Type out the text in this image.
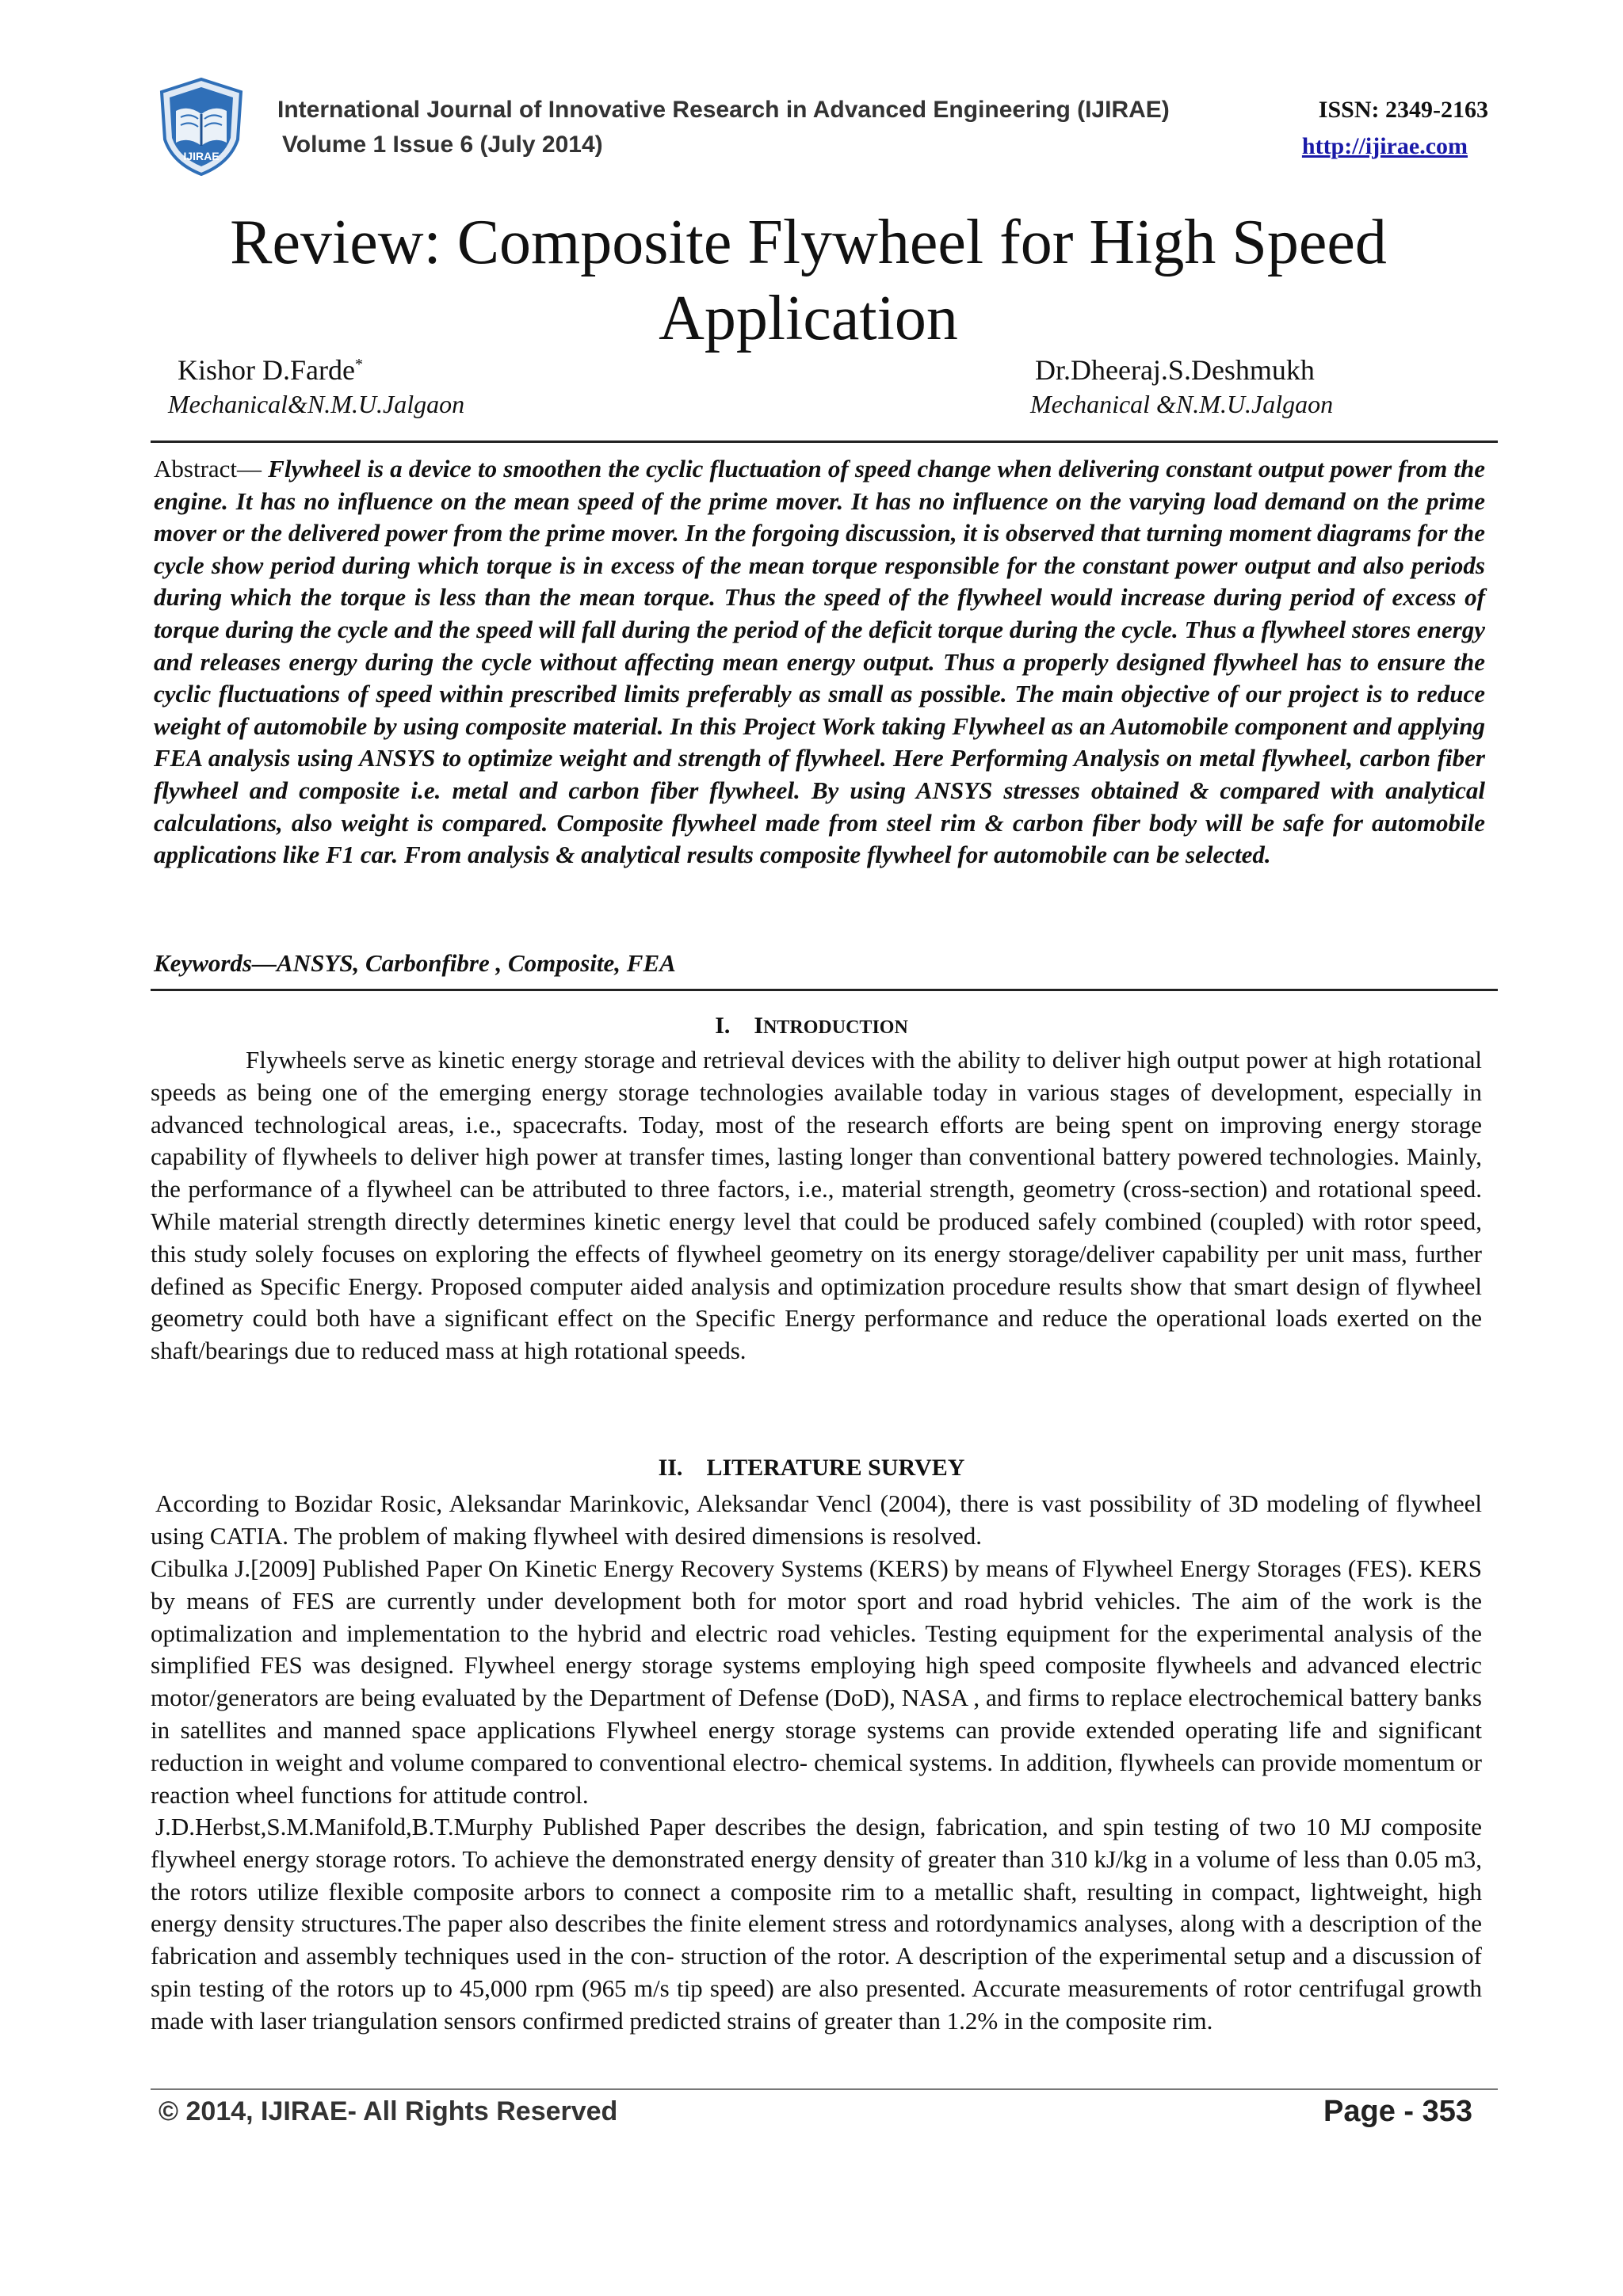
IJIRAE
International Journal of Innovative Research in Advanced Engineering (IJIRAE)
Volume 1 Issue 6 (July 2014)
ISSN: 2349-2163
http://ijirae.com
Review: Composite Flywheel for High Speed Application
Kishor D.Farde*
Mechanical&N.M.U.Jalgaon
Dr.Dheeraj.S.Deshmukh
Mechanical &N.M.U.Jalgaon
Abstract— Flywheel is a device to smoothen the cyclic fluctuation of speed change when delivering constant output power from the engine. It has no influence on the mean speed of the prime mover. It has no influence on the varying load demand on the prime mover or the delivered power from the prime mover. In the forgoing discussion, it is observed that turning moment diagrams for the cycle show period during which torque is in excess of the mean torque responsible for the constant power output and also periods during which the torque is less than the mean torque. Thus the speed of the flywheel would increase during period of excess of torque during the cycle and the speed will fall during the period of the deficit torque during the cycle. Thus a flywheel stores energy and releases energy during the cycle without affecting mean energy output. Thus a properly designed flywheel has to ensure the cyclic fluctuations of speed within prescribed limits preferably as small as possible. The main objective of our project is to reduce weight of automobile by using composite material. In this Project Work taking Flywheel as an Automobile component and applying FEA analysis using ANSYS to optimize weight and strength of flywheel. Here Performing Analysis on metal flywheel, carbon fiber flywheel and composite i.e. metal and carbon fiber flywheel. By using ANSYS stresses obtained & compared with analytical calculations, also weight is compared. Composite flywheel made from steel rim & carbon fiber body will be safe for automobile applications like F1 car. From analysis & analytical results composite flywheel for automobile can be selected.
Keywords—ANSYS, Carbonfibre , Composite, FEA
I. INTRODUCTION
Flywheels serve as kinetic energy storage and retrieval devices with the ability to deliver high output power at high rotational speeds as being one of the emerging energy storage technologies available today in various stages of development, especially in advanced technological areas, i.e., spacecrafts. Today, most of the research efforts are being spent on improving energy storage capability of flywheels to deliver high power at transfer times, lasting longer than conventional battery powered technologies. Mainly, the performance of a flywheel can be attributed to three factors, i.e., material strength, geometry (cross-section) and rotational speed. While material strength directly determines kinetic energy level that could be produced safely combined (coupled) with rotor speed, this study solely focuses on exploring the effects of flywheel geometry on its energy storage/deliver capability per unit mass, further defined as Specific Energy. Proposed computer aided analysis and optimization procedure results show that smart design of flywheel geometry could both have a significant effect on the Specific Energy performance and reduce the operational loads exerted on the shaft/bearings due to reduced mass at high rotational speeds.
II. LITERATURE SURVEY
According to Bozidar Rosic, Aleksandar Marinkovic, Aleksandar Vencl (2004), there is vast possibility of 3D modeling of flywheel using CATIA. The problem of making flywheel with desired dimensions is resolved.
Cibulka J.[2009] Published Paper On Kinetic Energy Recovery Systems (KERS) by means of Flywheel Energy Storages (FES). KERS by means of FES are currently under development both for motor sport and road hybrid vehicles. The aim of the work is the optimalization and implementation to the hybrid and electric road vehicles. Testing equipment for the experimental analysis of the simplified FES was designed. Flywheel energy storage systems employing high speed composite flywheels and advanced electric motor/generators are being evaluated by the Department of Defense (DoD), NASA , and firms to replace electrochemical battery banks in satellites and manned space applications Flywheel energy storage systems can provide extended operating life and significant reduction in weight and volume compared to conventional electro- chemical systems. In addition, flywheels can provide momentum or reaction wheel functions for attitude control.
J.D.Herbst,S.M.Manifold,B.T.Murphy Published Paper describes the design, fabrication, and spin testing of two 10 MJ composite flywheel energy storage rotors. To achieve the demonstrated energy density of greater than 310 kJ/kg in a volume of less than 0.05 m3, the rotors utilize flexible composite arbors to connect a composite rim to a metallic shaft, resulting in compact, lightweight, high energy density structures.The paper also describes the finite element stress and rotordynamics analyses, along with a description of the fabrication and assembly techniques used in the con- struction of the rotor. A description of the experimental setup and a discussion of spin testing of the rotors up to 45,000 rpm (965 m/s tip speed) are also presented. Accurate measurements of rotor centrifugal growth made with laser triangulation sensors confirmed predicted strains of greater than 1.2% in the composite rim.
© 2014, IJIRAE- All Rights Reserved	Page - 353
